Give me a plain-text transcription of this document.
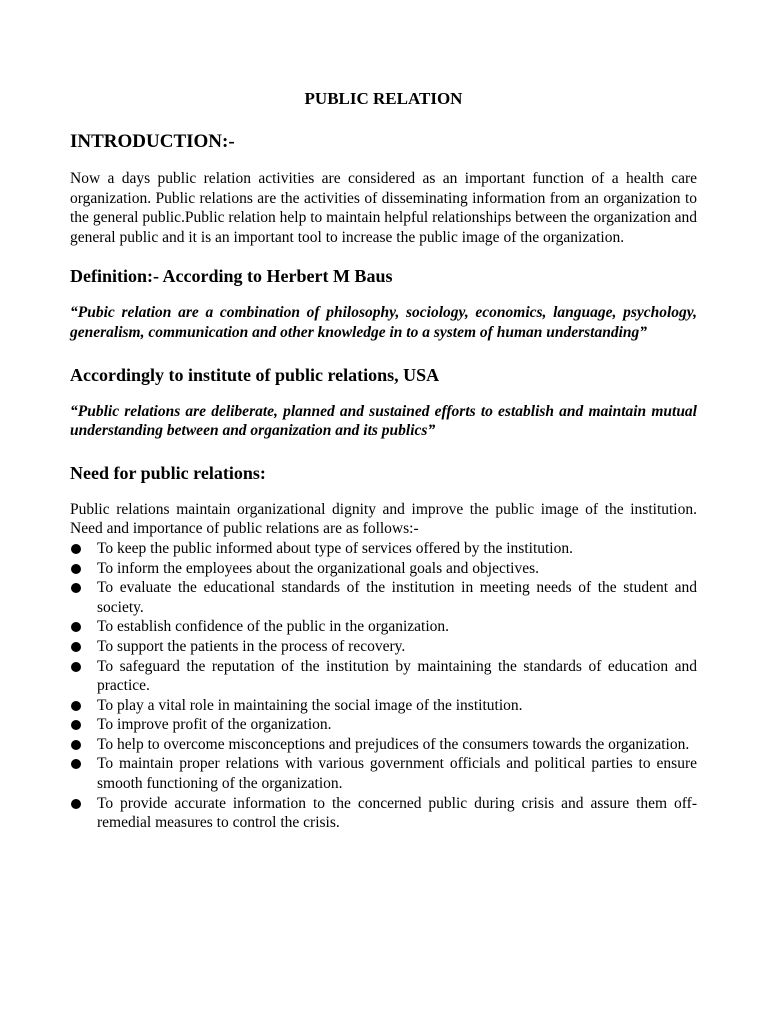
PUBLIC RELATION
INTRODUCTION:-

Now a days public relation activities are considered as an important function of a health care organization. Public relations are the activities of disseminating information from an organization to the general public.Public relation help to maintain helpful relationships between the organization and general public and it is an important tool to increase the public image of the organization.

Definition:- According to Herbert M Baus

“Pubic relation are a combination of philosophy, sociology, economics, language, psychology, generalism, communication and other knowledge in to a system of human understanding”

Accordingly to institute of public relations, USA

“Public relations are deliberate, planned and sustained efforts to establish and maintain mutual understanding between and organization and its publics”

Need for public relations:

Public relations maintain organizational dignity and improve the public image of the institution. Need and importance of public relations are as follows:-

To keep the public informed about type of services offered by the institution.
To inform the employees about the organizational goals and objectives.
To evaluate the educational standards of the institution in meeting needs of the student and society.
To establish confidence of the public in the organization.
To support the patients in the process of recovery.
To safeguard the reputation of the institution by maintaining the standards of education and practice.
To play a vital role in maintaining the social image of the institution.
To improve profit of the organization.
To help to overcome misconceptions and prejudices of the consumers towards the organization.
To maintain proper relations with various government officials and political parties to ensure smooth functioning of the organization.
To provide accurate information to the concerned public during crisis and assure them off-remedial measures to control the crisis.
